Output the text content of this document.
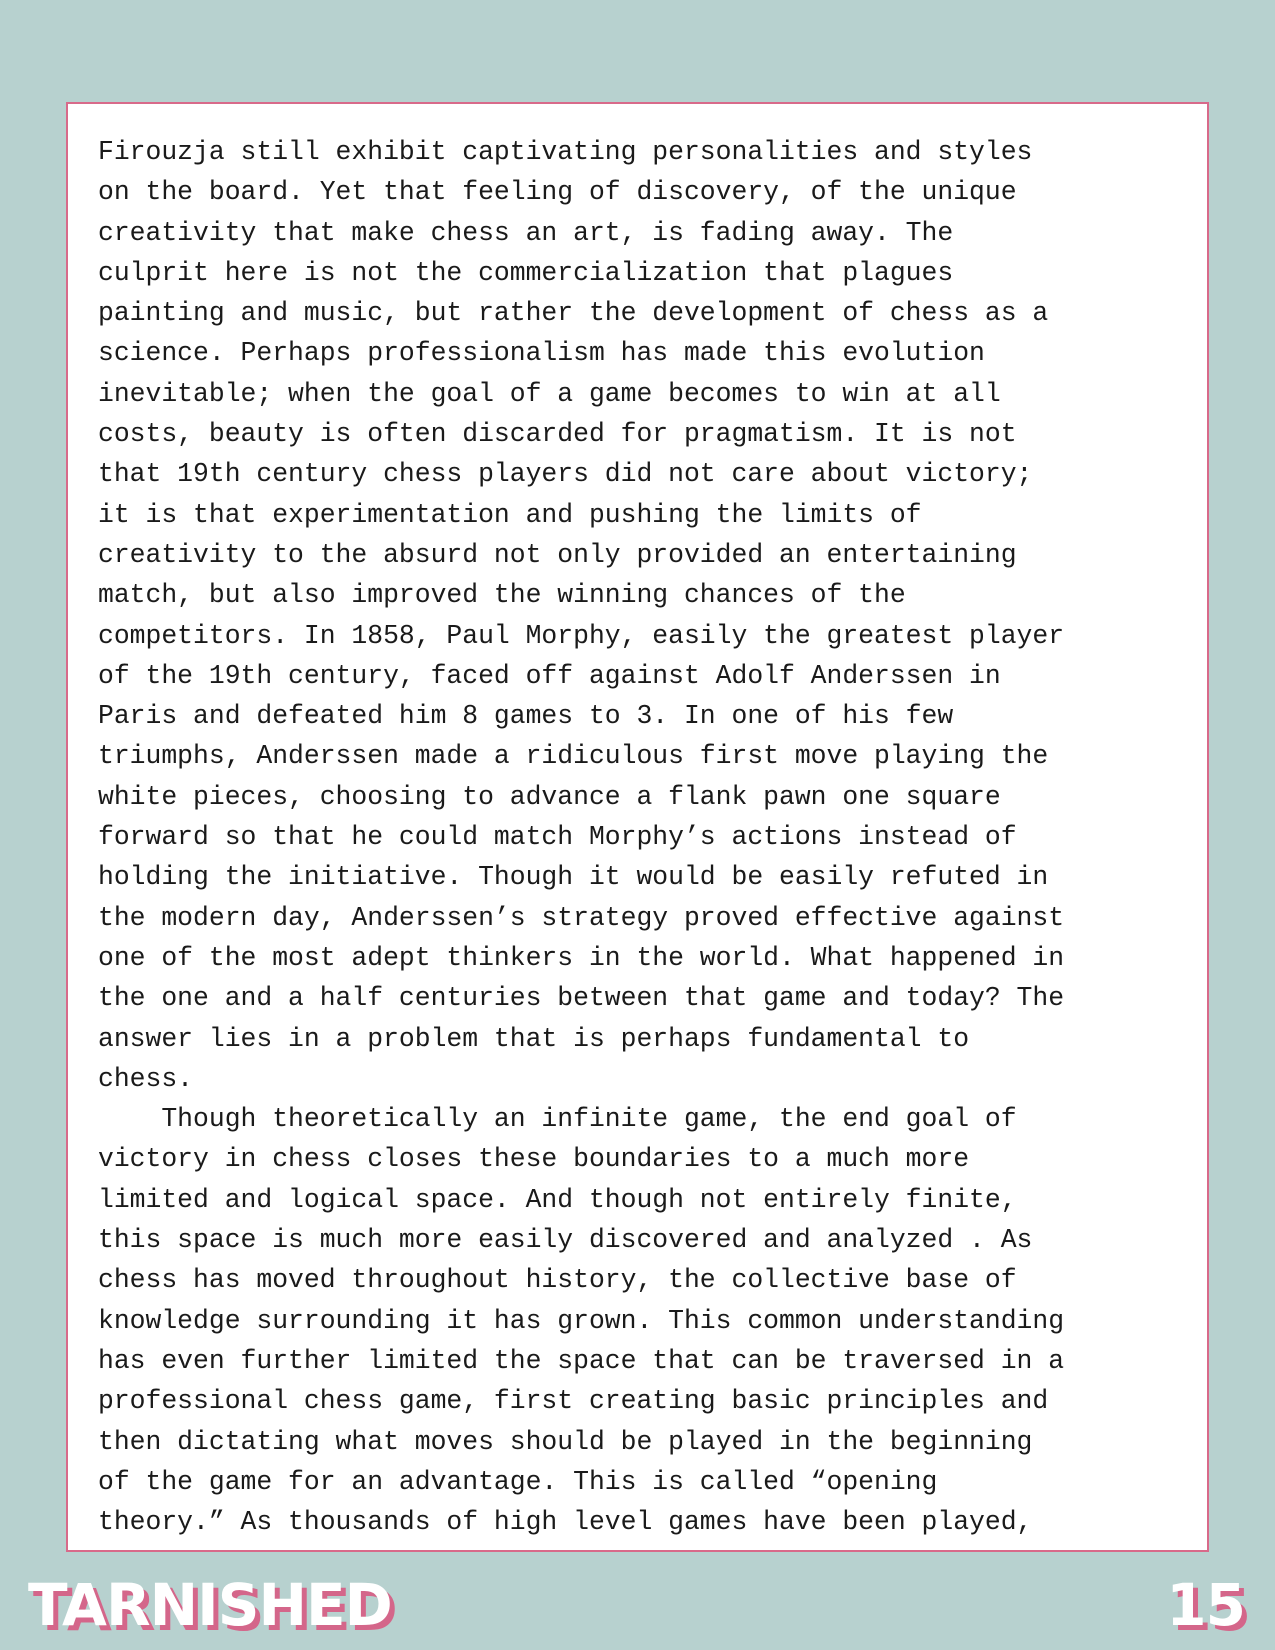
Firouzja still exhibit captivating personalities and styles
on the board. Yet that feeling of discovery, of the unique
creativity that make chess an art, is fading away. The
culprit here is not the commercialization that plagues
painting and music, but rather the development of chess as a
science. Perhaps professionalism has made this evolution
inevitable; when the goal of a game becomes to win at all
costs, beauty is often discarded for pragmatism. It is not
that 19th century chess players did not care about victory;
it is that experimentation and pushing the limits of
creativity to the absurd not only provided an entertaining
match, but also improved the winning chances of the
competitors. In 1858, Paul Morphy, easily the greatest player
of the 19th century, faced off against Adolf Anderssen in
Paris and defeated him 8 games to 3. In one of his few
triumphs, Anderssen made a ridiculous first move playing the
white pieces, choosing to advance a flank pawn one square
forward so that he could match Morphy’s actions instead of
holding the initiative. Though it would be easily refuted in
the modern day, Anderssen’s strategy proved effective against
one of the most adept thinkers in the world. What happened in
the one and a half centuries between that game and today? The
answer lies in a problem that is perhaps fundamental to
chess.
Though theoretically an infinite game, the end goal of
victory in chess closes these boundaries to a much more
limited and logical space. And though not entirely finite,
this space is much more easily discovered and analyzed . As
chess has moved throughout history, the collective base of
knowledge surrounding it has grown. This common understanding
has even further limited the space that can be traversed in a
professional chess game, first creating basic principles and
then dictating what moves should be played in the beginning
of the game for an advantage. This is called “opening
theory.” As thousands of high level games have been played,
TARNISHED	15
